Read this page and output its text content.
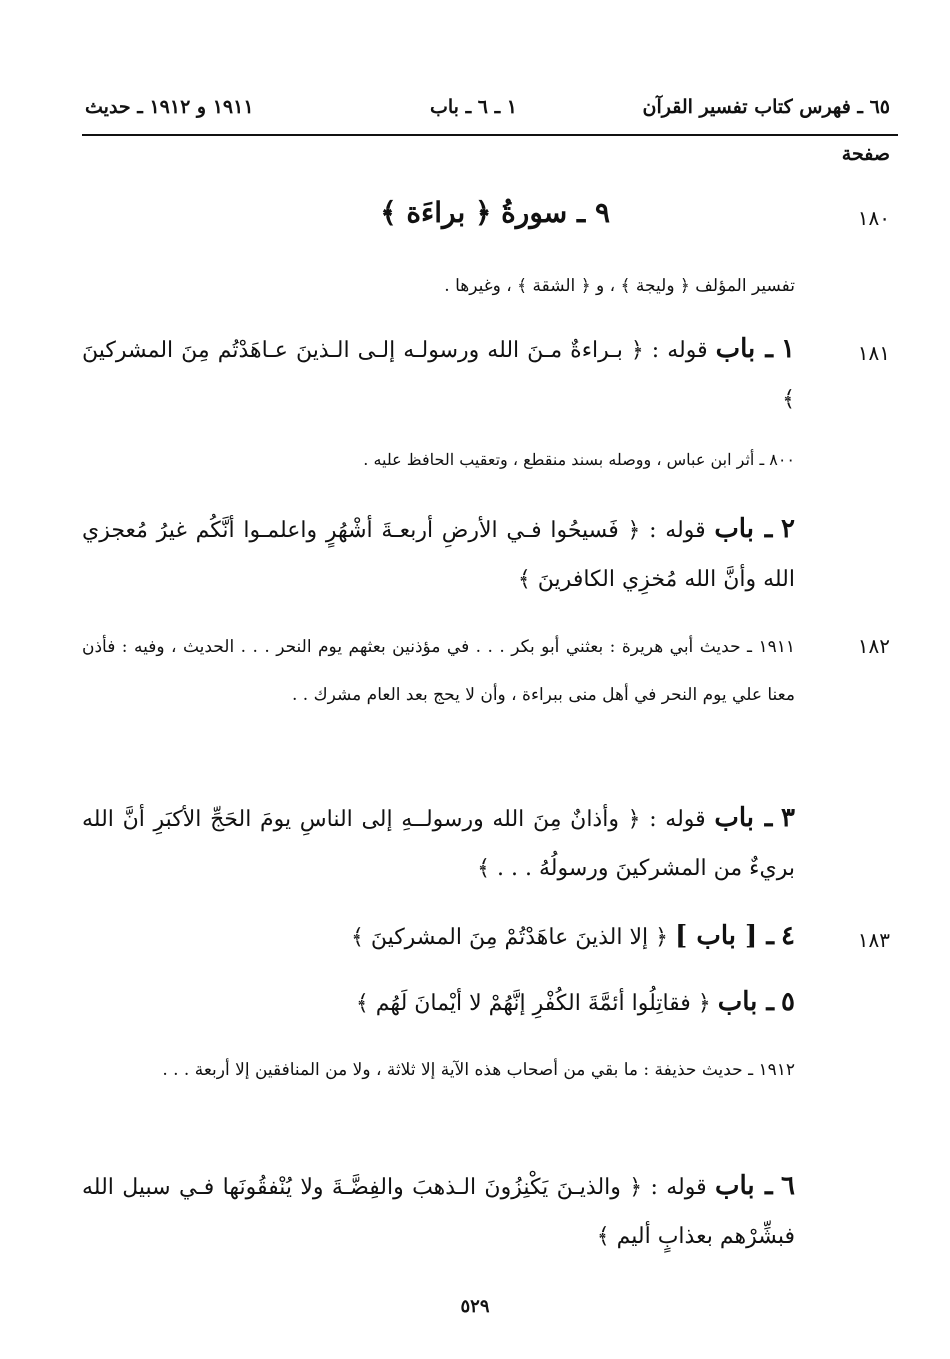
٦٥ ـ فهرس كتاب تفسير القرآن
١ ـ ٦ ـ باب
١٩١١ و ١٩١٢ ـ حديث
صفحة
١٨٠
٩ ـ سورةُ ﴿ براءَة ﴾
تفسير المؤلف ﴿ وليجة ﴾ ، و ﴿ الشقة ﴾ ، وغيرها .
١٨١
١ ـ باب قوله : ﴿ بـراءةٌ مـنَ الله ورسولـه إلـى الـذينَ عـاهَدْتُم مِنَ المشركينَ ﴾
٨٠٠ ـ أثر ابن عباس ، ووصله بسند منقطع ، وتعقيب الحافظ عليه .
٢ ـ باب قوله : ﴿ فَسيحُوا فـي الأرضِ أربعـةَ أشْهُرٍ واعلمـوا أنَّكُم غيرُ مُعجزي الله وأنَّ الله مُخزِي الكافرينَ ﴾
١٨٢
١٩١١ ـ حديث أبي هريرة : بعثني أبو بكر . . . في مؤذنين بعثهم يوم النحر . . . الحديث ، وفيه : فأذن معنا علي يوم النحر في أهل منى ببراءة ، وأن لا يحج بعد العام مشرك . .
٣ ـ باب قوله : ﴿ وأذانٌ مِنَ الله ورسولــهِ إلى الناسِ يومَ الحَجِّ الأكبَرِ أنَّ الله بريءٌ من المشركينَ ورسولُهُ . . . ﴾
١٨٣
٤ ـ [ باب ] ﴿ إلا الذينَ عاهَدْتُمْ مِنَ المشركينَ ﴾
٥ ـ باب ﴿ فقاتِلُوا أئمَّةَ الكُفْرِ إنَّهُمْ لا أيْمانَ لَهُم ﴾
١٩١٢ ـ حديث حذيفة : ما بقي من أصحاب هذه الآية إلا ثلاثة ، ولا من المنافقين إلا أربعة . . .
٦ ـ باب قوله : ﴿ والذيـنَ يَكْنِزُونَ الـذهبَ والفِضَّـةَ ولا يُنْفقُونَها فـي سبيل الله فبشِّرْهم بعذابٍ أليم ﴾
٥٢٩
